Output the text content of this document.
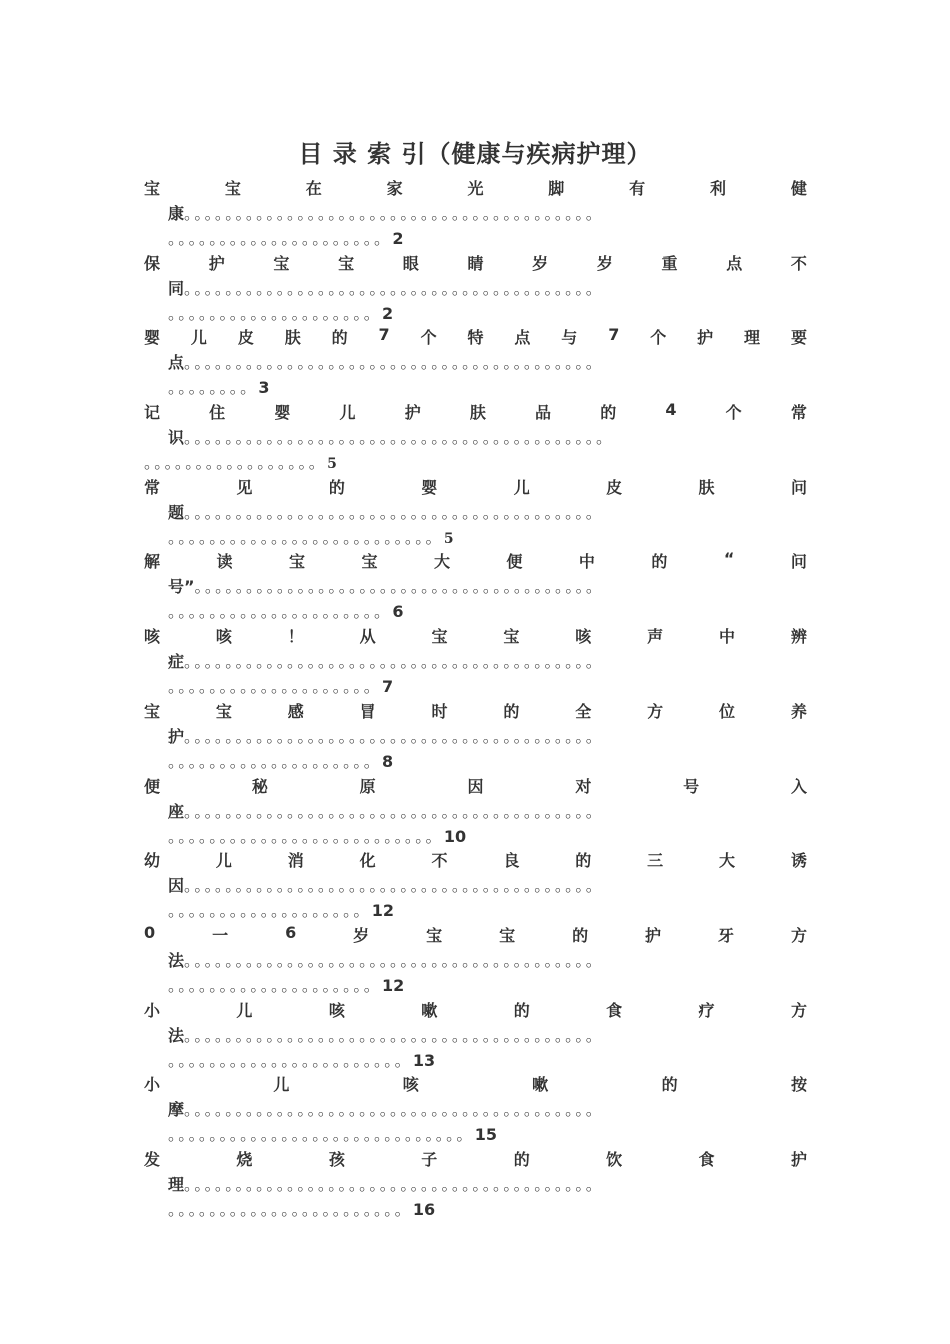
目 录 索 引（健康与疾病护理）
宝	宝	在	家	光	脚	有	利	健
康。。。。。。。。。。。。。。。。。。。。。。。。。。。。。。。。。。。。。。。。
。。。。。。。。。。。。。。。。。。。。。2
保	护	宝	宝	眼	睛	岁	岁	重	点	不
同。。。。。。。。。。。。。。。。。。。。。。。。。。。。。。。。。。。。。。。。
。。。。。。。。。。。。。。。。。。。。2
婴 儿 皮 肤 的 7 个 特 点 与 7 个 护 理 要
点。。。。。。。。。。。。。。。。。。。。。。。。。。。。。。。。。。。。。。。。
。。。。。。。。3
记	住	婴	儿	护	肤	品	的	4	个	常
识。。。。。。。。。。。。。。。。。。。。。。。。。。。。。。。。。。。。。。。。。
。。。。。。。。。。。。。。。。。5
常	见	的	婴	儿	皮	肤	问
题。。。。。。。。。。。。。。。。。。。。。。。。。。。。。。。。。。。。。。。。
。。。。。。。。。。。。。。。。。。。。。。。。。。5
解	读	宝	宝	大	便	中	的	“	问
号”。。。。。。。。。。。。。。。。。。。。。。。。。。。。。。。。。。。。。。。
。。。。。。。。。。。。。。。。。。。。。6
咳	咳	！	从	宝	宝	咳	声	中	辨
症。。。。。。。。。。。。。。。。。。。。。。。。。。。。。。。。。。。。。。。。
。。。。。。。。。。。。。。。。。。。。7
宝	宝	感	冒	时	的	全	方	位	养
护。。。。。。。。。。。。。。。。。。。。。。。。。。。。。。。。。。。。。。。。
。。。。。。。。。。。。。。。。。。。。8
便	秘	原	因	对	号	入
座。。。。。。。。。。。。。。。。。。。。。。。。。。。。。。。。。。。。。。。。
。。。。。。。。。。。。。。。。。。。。。。。。。。10
幼	儿	消	化	不	良	的	三	大	诱
因。。。。。。。。。。。。。。。。。。。。。。。。。。。。。。。。。。。。。。。。
。。。。。。。。。。。。。。。。。。。12
0	一	6	岁	宝	宝	的	护	牙	方
法。。。。。。。。。。。。。。。。。。。。。。。。。。。。。。。。。。。。。。。。
。。。。。。。。。。。。。。。。。。。。12
小	儿	咳	嗽	的	食	疗	方
法。。。。。。。。。。。。。。。。。。。。。。。。。。。。。。。。。。。。。。。。
。。。。。。。。。。。。。。。。。。。。。。。13
小	儿	咳	嗽	的	按
摩。。。。。。。。。。。。。。。。。。。。。。。。。。。。。。。。。。。。。。。。
。。。。。。。。。。。。。。。。。。。。。。。。。。。。。15
发	烧	孩	子	的	饮	食	护
理。。。。。。。。。。。。。。。。。。。。。。。。。。。。。。。。。。。。。。。。
。。。。。。。。。。。。。。。。。。。。。。。16
